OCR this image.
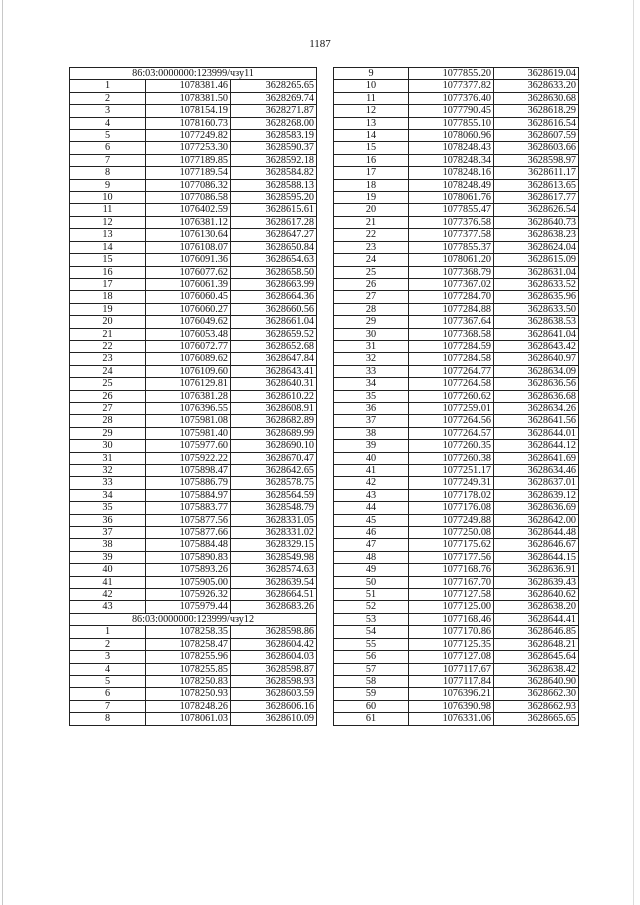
1187
86:03:0000000:123999/чзу11		
1	1078381.46	3628265.65
2	1078381.50	3628269.74
3	1078154.19	3628271.87
4	1078160.73	3628268.00
5	1077249.82	3628583.19
6	1077253.30	3628590.37
7	1077189.85	3628592.18
8	1077189.54	3628584.82
9	1077086.32	3628588.13
10	1077086.58	3628595.20
11	1076402.59	3628615.61
12	1076381.12	3628617.28
13	1076130.64	3628647.27
14	1076108.07	3628650.84
15	1076091.36	3628654.63
16	1076077.62	3628658.50
17	1076061.39	3628663.99
18	1076060.45	3628664.36
19	1076060.27	3628660.56
20	1076049.62	3628661.04
21	1076053.48	3628659.52
22	1076072.77	3628652.68
23	1076089.62	3628647.84
24	1076109.60	3628643.41
25	1076129.81	3628640.31
26	1076381.28	3628610.22
27	1076396.55	3628608.91
28	1075981.08	3628682.89
29	1075981.40	3628689.99
30	1075977.60	3628690.10
31	1075922.22	3628670.47
32	1075898.47	3628642.65
33	1075886.79	3628578.75
34	1075884.97	3628564.59
35	1075883.77	3628548.79
36	1075877.56	3628331.05
37	1075877.66	3628331.02
38	1075884.48	3628329.15
39	1075890.83	3628549.98
40	1075893.26	3628574.63
41	1075905.00	3628639.54
42	1075926.32	3628664.51
43	1075979.44	3628683.26
86:03:0000000:123999/чзу12		
1	1078258.35	3628598.86
2	1078258.47	3628604.42
3	1078255.96	3628604.03
4	1078255.85	3628598.87
5	1078250.83	3628598.93
6	1078250.93	3628603.59
7	1078248.26	3628606.16
8	1078061.03	3628610.09
9	1077855.20	3628619.04
10	1077377.82	3628633.20
11	1077376.40	3628630.68
12	1077790.45	3628618.29
13	1077855.10	3628616.54
14	1078060.96	3628607.59
15	1078248.43	3628603.66
16	1078248.34	3628598.97
17	1078248.16	3628611.17
18	1078248.49	3628613.65
19	1078061.76	3628617.77
20	1077855.47	3628626.54
21	1077376.58	3628640.73
22	1077377.58	3628638.23
23	1077855.37	3628624.04
24	1078061.20	3628615.09
25	1077368.79	3628631.04
26	1077367.02	3628633.52
27	1077284.70	3628635.96
28	1077284.88	3628633.50
29	1077367.64	3628638.53
30	1077368.58	3628641.04
31	1077284.59	3628643.42
32	1077284.58	3628640.97
33	1077264.77	3628634.09
34	1077264.58	3628636.56
35	1077260.62	3628636.68
36	1077259.01	3628634.26
37	1077264.56	3628641.56
38	1077264.57	3628644.01
39	1077260.35	3628644.12
40	1077260.38	3628641.69
41	1077251.17	3628634.46
42	1077249.31	3628637.01
43	1077178.02	3628639.12
44	1077176.08	3628636.69
45	1077249.88	3628642.00
46	1077250.08	3628644.48
47	1077175.62	3628646.67
48	1077177.56	3628644.15
49	1077168.76	3628636.91
50	1077167.70	3628639.43
51	1077127.58	3628640.62
52	1077125.00	3628638.20
53	1077168.46	3628644.41
54	1077170.86	3628646.85
55	1077125.35	3628648.21
56	1077127.08	3628645.64
57	1077117.67	3628638.42
58	1077117.84	3628640.90
59	1076396.21	3628662.30
60	1076390.98	3628662.93
61	1076331.06	3628665.65
